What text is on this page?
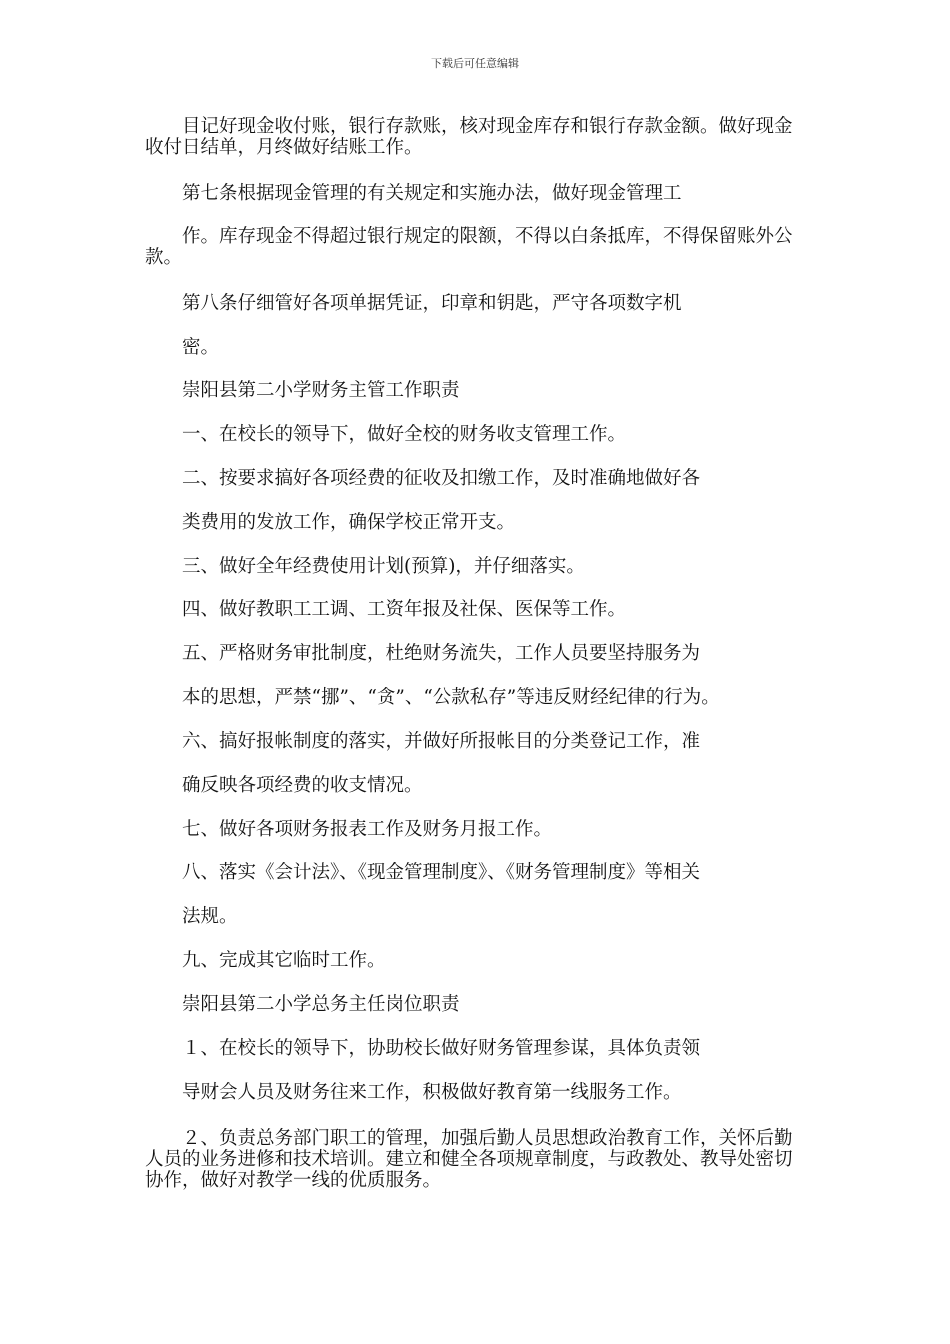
下载后可任意编辑
目记好现金收付账，银行存款账，核对现金库存和银行存款金额。做好现金收付日结单，月终做好结账工作。
第七条根据现金管理的有关规定和实施办法，做好现金管理工
作。库存现金不得超过银行规定的限额，不得以白条抵库，不得保留账外公款。
第八条仔细管好各项单据凭证，印章和钥匙，严守各项数字机
密。
崇阳县第二小学财务主管工作职责
一、在校长的领导下，做好全校的财务收支管理工作。
二、按要求搞好各项经费的征收及扣缴工作，及时准确地做好各
类费用的发放工作，确保学校正常开支。
三、做好全年经费使用计划(预算)，并仔细落实。
四、做好教职工工调、工资年报及社保、医保等工作。
五、严格财务审批制度，杜绝财务流失，工作人员要坚持服务为
本的思想，严禁“挪”、“贪”、“公款私存”等违反财经纪律的行为。
六、搞好报帐制度的落实，并做好所报帐目的分类登记工作，准
确反映各项经费的收支情况。
七、做好各项财务报表工作及财务月报工作。
八、落实《会计法》、《现金管理制度》、《财务管理制度》等相关
法规。
九、完成其它临时工作。
崇阳县第二小学总务主任岗位职责
１、在校长的领导下，协助校长做好财务管理参谋，具体负责领
导财会人员及财务往来工作，积极做好教育第一线服务工作。
２、负责总务部门职工的管理，加强后勤人员思想政治教育工作，关怀后勤人员的业务进修和技术培训。建立和健全各项规章制度，与政教处、教导处密切协作，做好对教学一线的优质服务。
